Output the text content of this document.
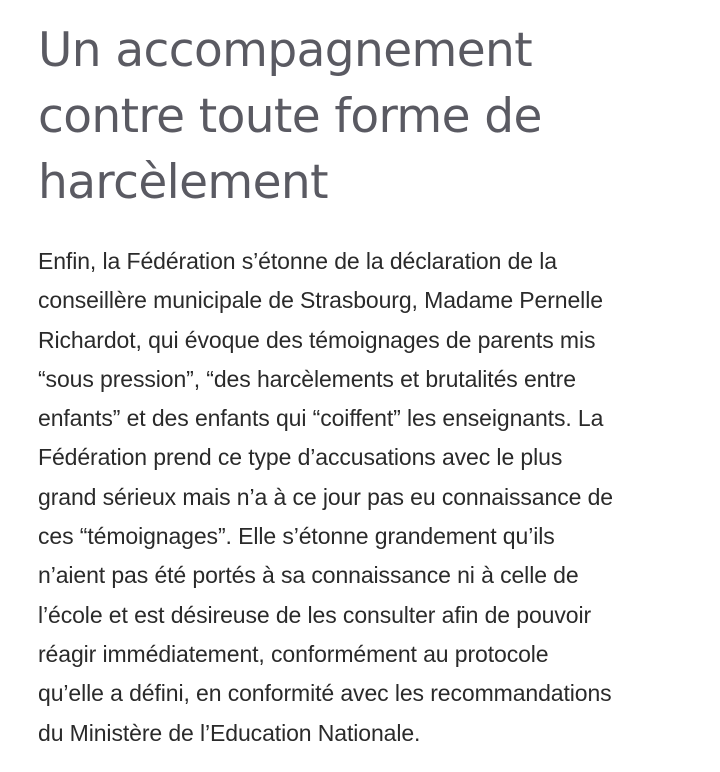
Un accompagnement
contre toute forme de
harcèlement

Enfin, la Fédération s’étonne de la déclaration de la
conseillère municipale de Strasbourg, Madame Pernelle
Richardot, qui évoque des témoignages de parents mis
“sous pression”, “des harcèlements et brutalités entre
enfants” et des enfants qui “coiffent” les enseignants. La
Fédération prend ce type d’accusations avec le plus
grand sérieux mais n’a à ce jour pas eu connaissance de
ces “témoignages”. Elle s’étonne grandement qu’ils
n’aient pas été portés à sa connaissance ni à celle de
l’école et est désireuse de les consulter afin de pouvoir
réagir immédiatement, conformément au protocole
qu’elle a défini, en conformité avec les recommandations
du Ministère de l’Education Nationale.
